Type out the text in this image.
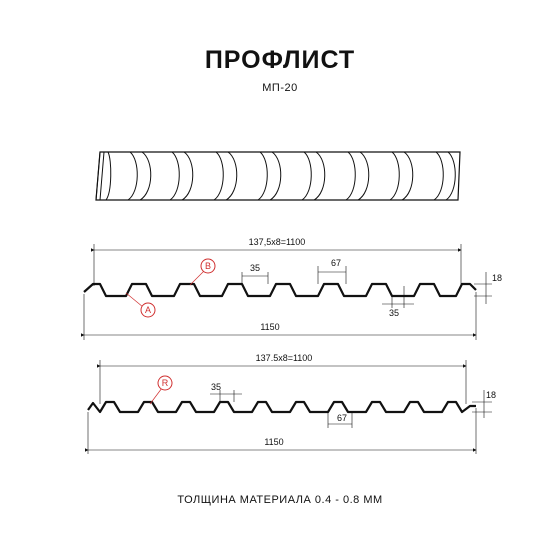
ПРОФЛИСТ
МП-20
137,5x8=1100
35	67
35
18
1150
A
B
137.5x8=1100
35
67
18
1150
R
ТОЛЩИНА МАТЕРИАЛА 0.4 - 0.8 ММ
